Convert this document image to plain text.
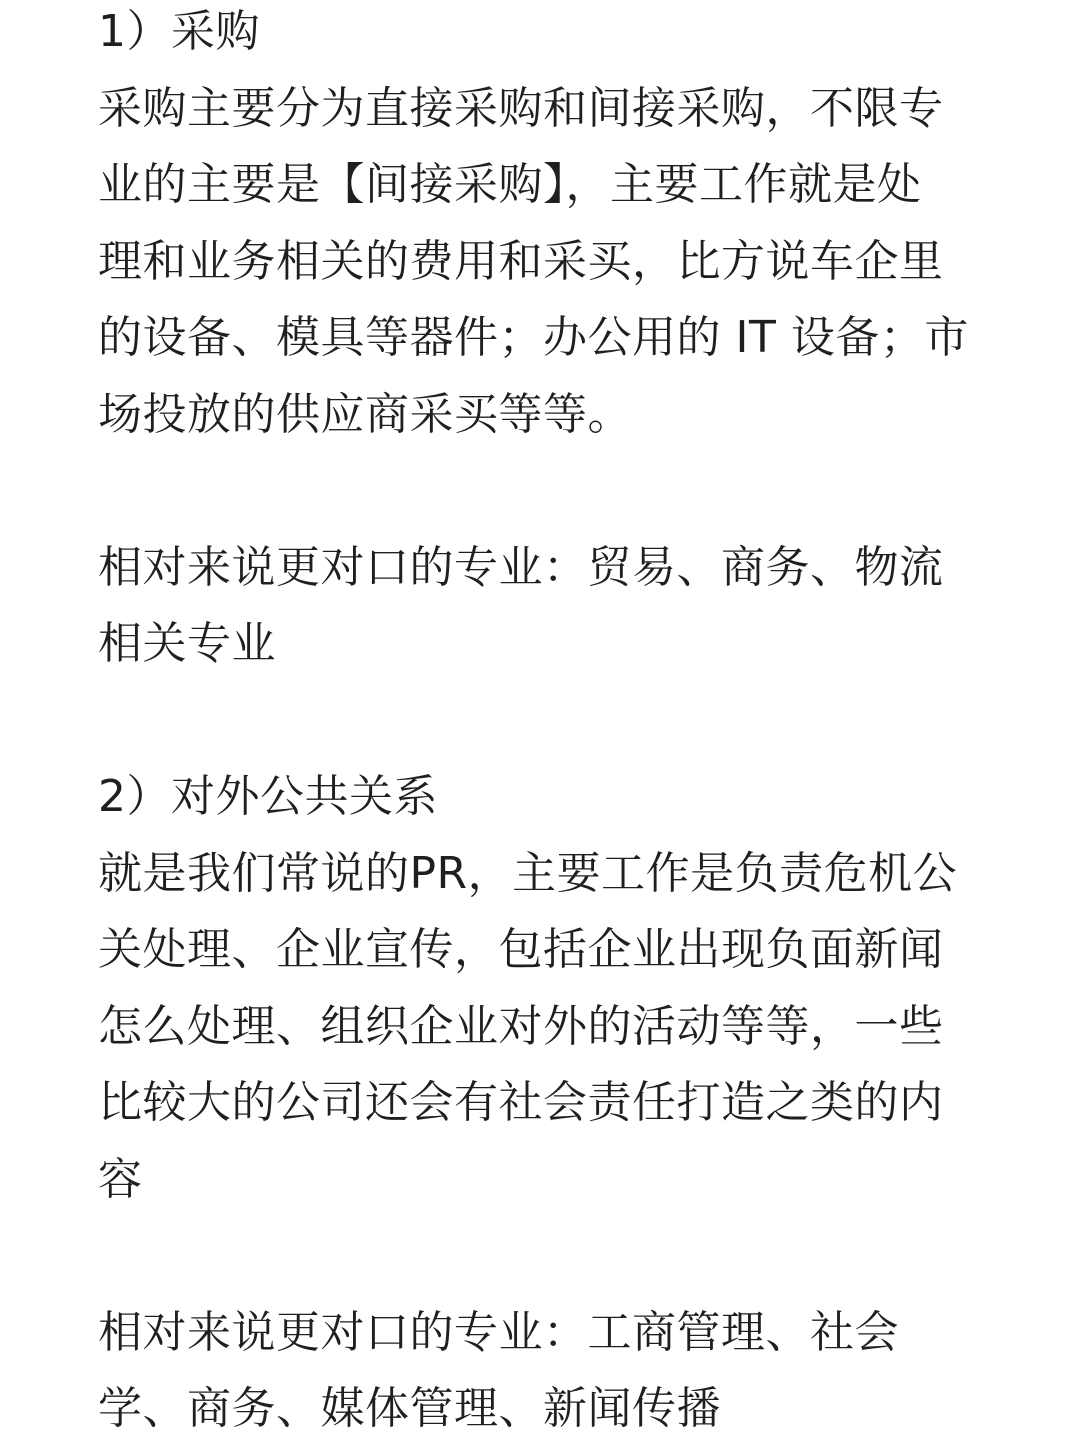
1）采购
采购主要分为直接采购和间接采购，不限专
业的主要是【间接采购】，主要工作就是处
理和业务相关的费用和采买，比方说车企里
的设备、模具等器件；办公用的 IT 设备；市
场投放的供应商采买等等。
相对来说更对口的专业：贸易、商务、物流
相关专业
2）对外公共关系
就是我们常说的PR，主要工作是负责危机公
关处理、企业宣传，包括企业出现负面新闻
怎么处理、组织企业对外的活动等等，一些
比较大的公司还会有社会责任打造之类的内
容
相对来说更对口的专业：工商管理、社会
学、商务、媒体管理、新闻传播
